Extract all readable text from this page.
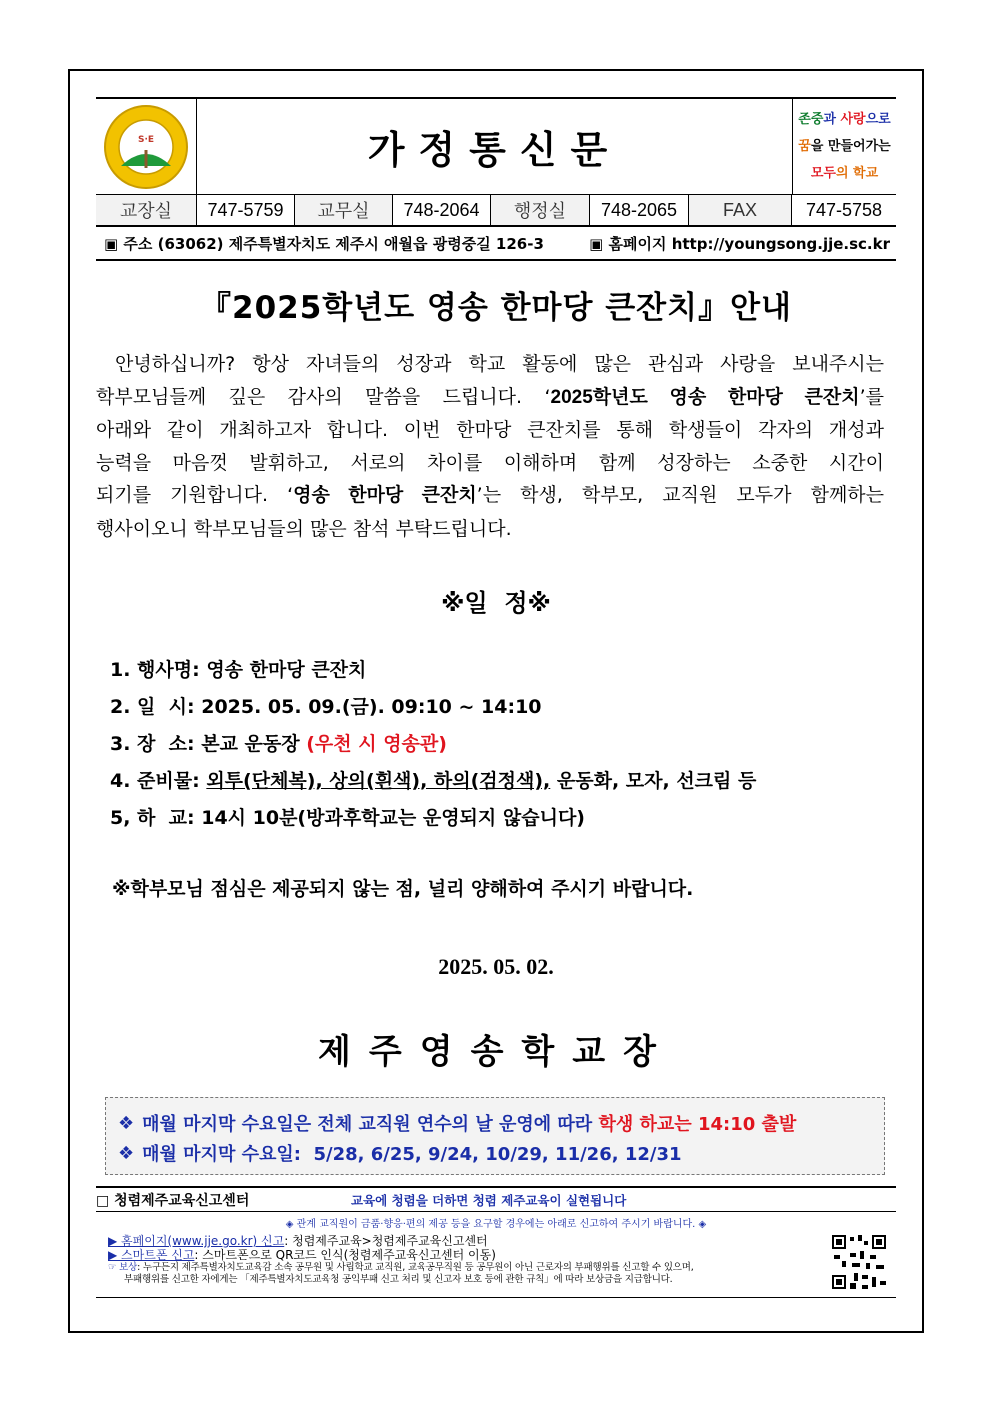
S·E	가정통신문
존중과 사랑으로
꿈을 만들어가는
모두의 학교
교장실	747-5759	교무실	748-2064	행정실	748-2065	FAX	747-5758
▣ 주소 (63062) 제주특별자치도 제주시 애월읍 광령중길 126-3	▣ 홈페이지 http://youngsong.jje.sc.kr
『2025학년도 영송 한마당 큰잔치』안내
안녕하십니까? 항상 자녀들의 성장과 학교 활동에 많은 관심과 사랑을 보내주시는
학부모님들께 깊은 감사의 말씀을 드립니다. ‘2025학년도 영송 한마당 큰잔치’를
아래와 같이 개최하고자 합니다. 이번 한마당 큰잔치를 통해 학생들이 각자의 개성과
능력을 마음껏 발휘하고, 서로의 차이를 이해하며 함께 성장하는 소중한 시간이
되기를 기원합니다. ‘영송 한마당 큰잔치’는 학생, 학부모, 교직원 모두가 함께하는
행사이오니 학부모님들의 많은 참석 부탁드립니다.
※일  정※
1. 행사명: 영송 한마당 큰잔치
2. 일  시: 2025. 05. 09.(금). 09:10 ~ 14:10
3. 장  소: 본교 운동장 (우천 시 영송관)
4. 준비물: 외투(단체복), 상의(흰색), 하의(검정색), 운동화, 모자, 선크림 등
5, 하  교: 14시 10분(방과후학교는 운영되지 않습니다)
※학부모님 점심은 제공되지 않는 점, 널리 양해하여 주시기 바랍니다.
2025. 05. 02.
제주영송학교장
❖ 매월 마지막 수요일은 전체 교직원 연수의 날 운영에 따라 학생 하교는 14:10 출발
❖ 매월 마지막 수요일:  5/28, 6/25, 9/24, 10/29, 11/26, 12/31
□ 청렴제주교육신고센터	교육에 청렴을 더하면 청렴 제주교육이 실현됩니다
◈ 관계 교직원이 금품·향응·편의 제공 등을 요구할 경우에는 아래로 신고하여 주시기 바랍니다. ◈
▶ 홈페이지(www.jje.go.kr) 신고: 청렴제주교육>청렴제주교육신고센터
▶ 스마트폰 신고: 스마트폰으로 QR코드 인식(청렴제주교육신고센터 이동)
☞ 보상: 누구든지 제주특별자치도교육감 소속 공무원 및 사립학교 교직원, 교육공무직원 등 공무원이 아닌 근로자의 부패행위를 신고할 수 있으며,
부패행위를 신고한 자에게는 「제주특별자치도교육청 공익부패 신고 처리 및 신고자 보호 등에 관한 규칙」에 따라 보상금을 지급합니다.
